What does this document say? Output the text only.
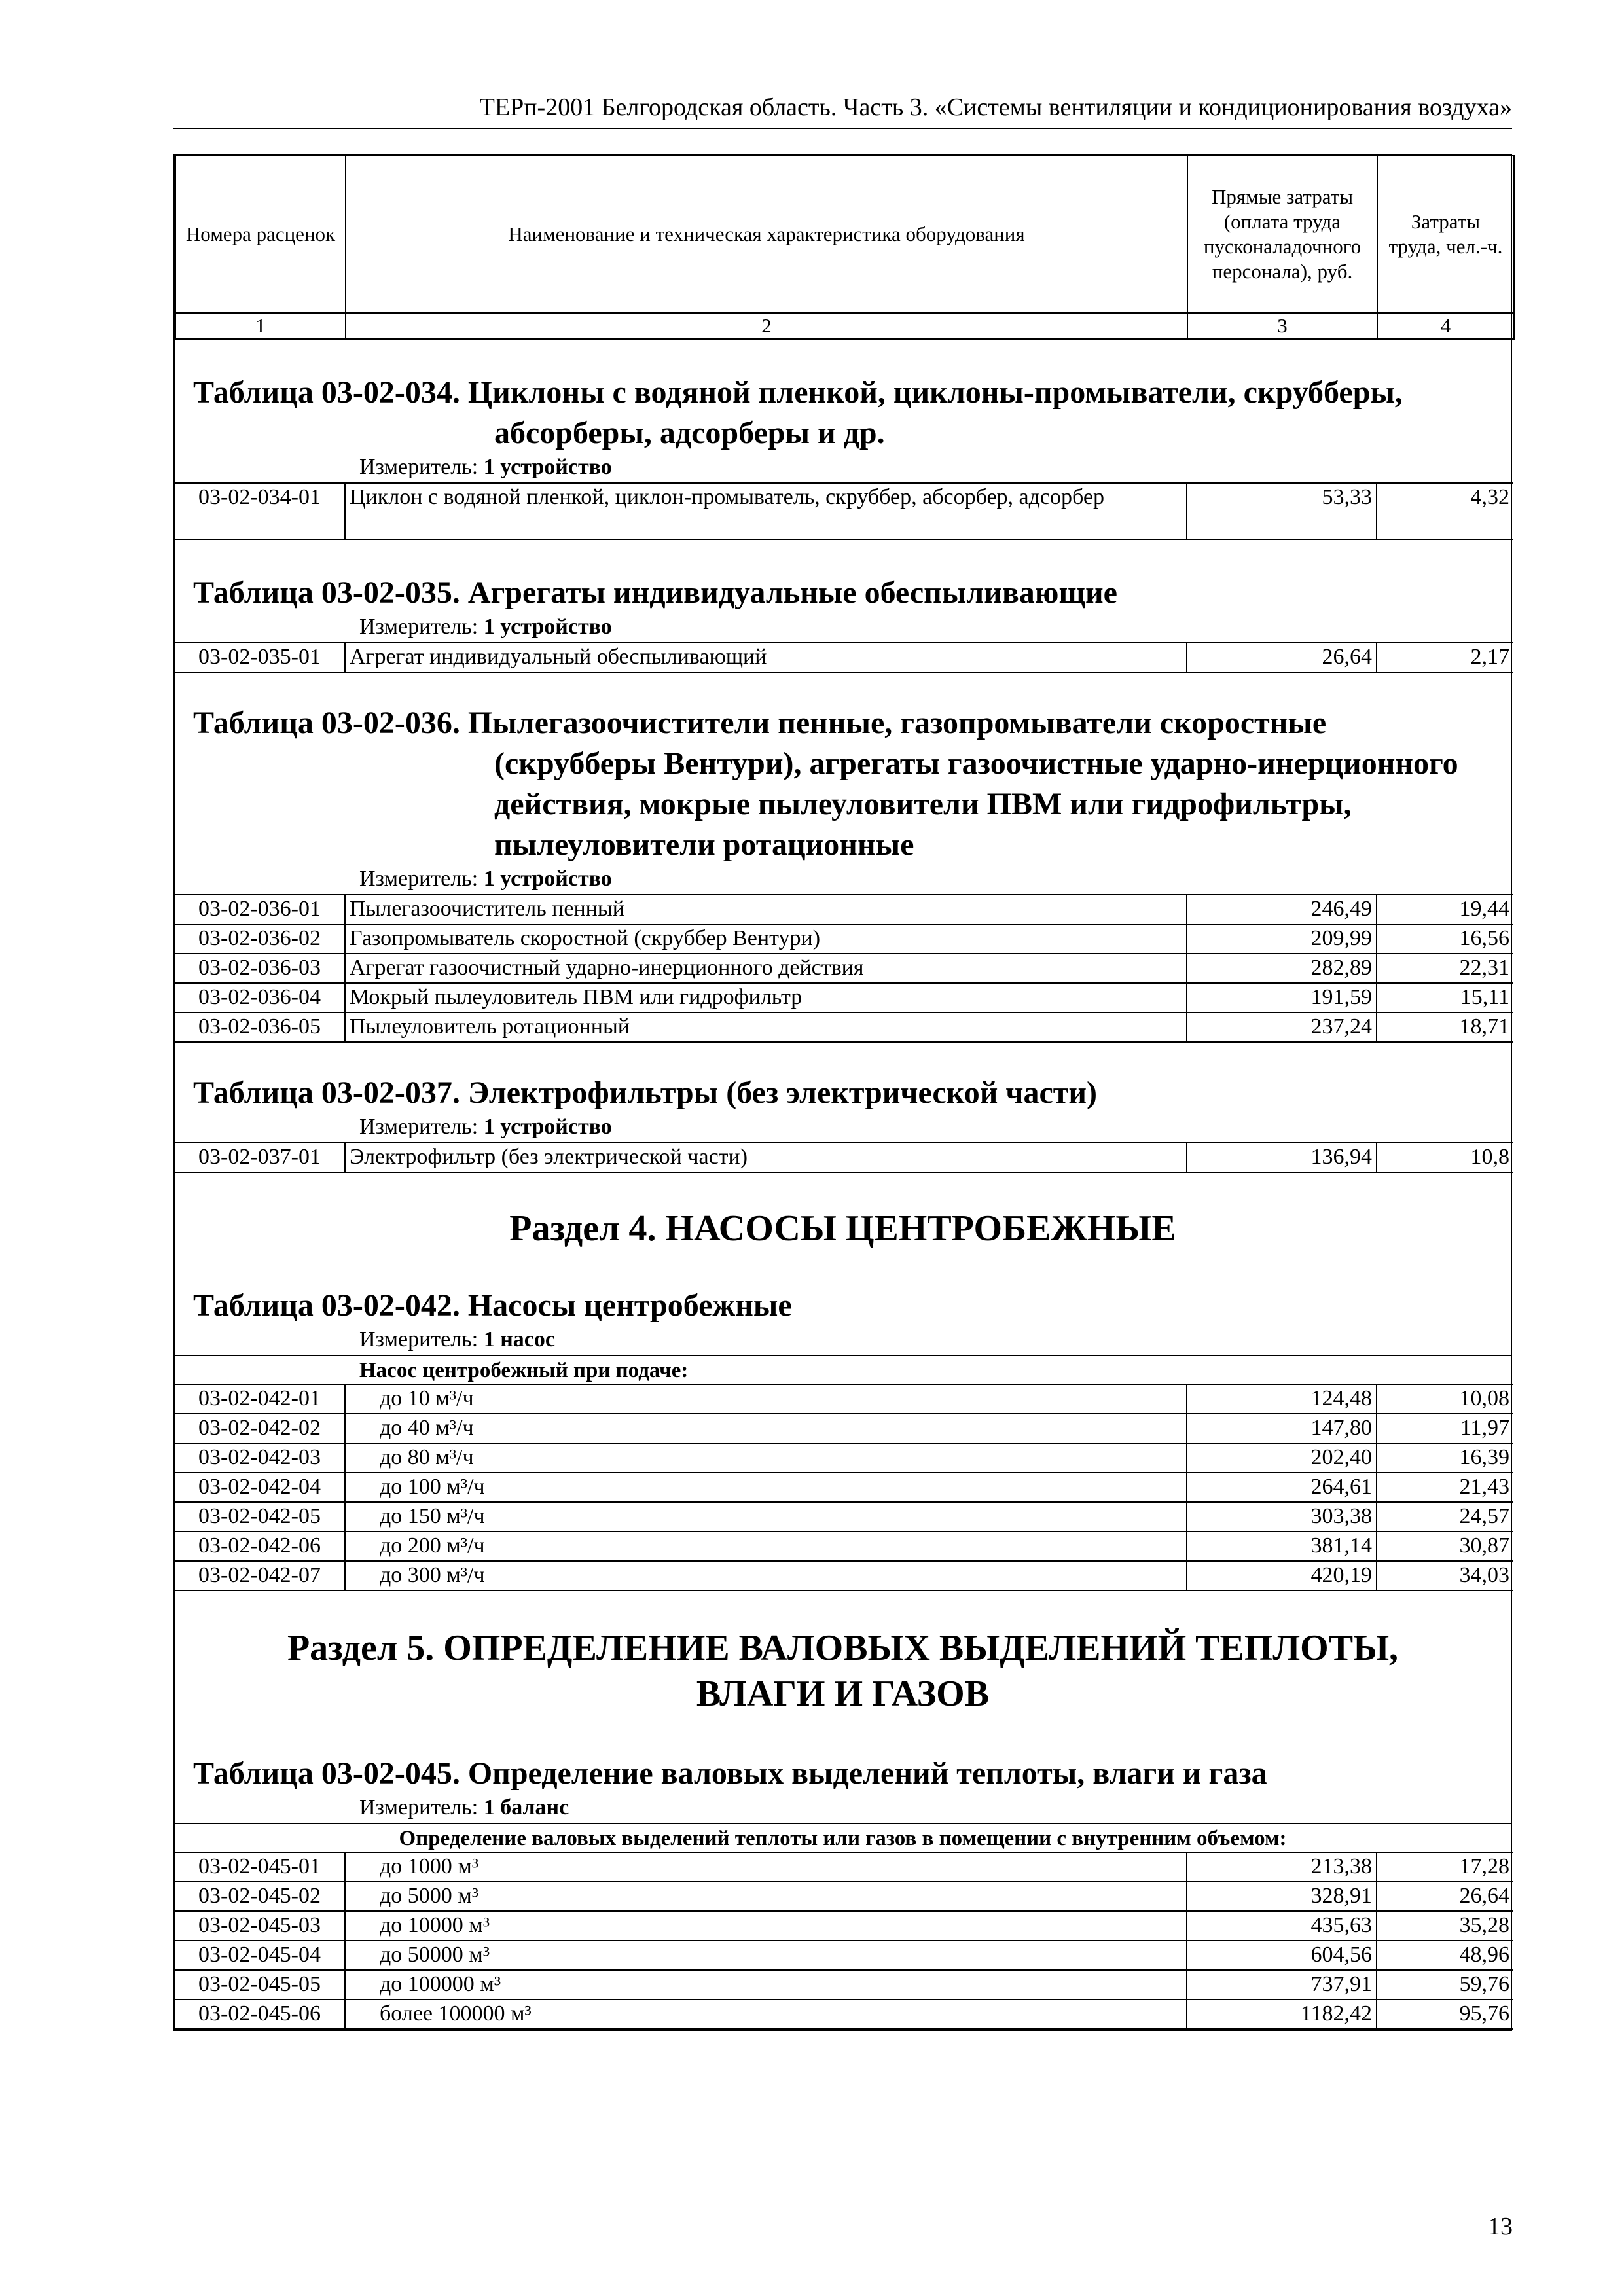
ТЕРп-2001 Белгородская область. Часть 3. «Системы вентиляции и кондиционирования воздуха»
Номера расценок	Наименование и техническая характеристика оборудования	Прямые затраты (оплата труда пусконаладочного персонала), руб.	Затраты труда, чел.-ч.
1	2	3	4
Таблица 03-02-034. Циклоны с водяной пленкой, циклоны-промыватели, скрубберы,
абсорберы, адсорберы и др.
Измеритель: 1 устройство
03-02-034-01	Циклон с водяной пленкой, циклон-промыватель, скруббер, абсорбер, адсорбер	53,33	4,32
Таблица 03-02-035. Агрегаты индивидуальные обеспыливающие
Измеритель: 1 устройство
03-02-035-01	Агрегат индивидуальный обеспыливающий	26,64	2,17
Таблица 03-02-036. Пылегазоочистители пенные, газопромыватели скоростные
(скрубберы Вентури), агрегаты газоочистные ударно-инерционного
действия, мокрые пылеуловители ПВМ или гидрофильтры,
пылеуловители ротационные
Измеритель: 1 устройство
03-02-036-01	Пылегазоочиститель пенный	246,49	19,44
03-02-036-02	Газопромыватель скоростной (скруббер Вентури)	209,99	16,56
03-02-036-03	Агрегат газоочистный ударно-инерционного действия	282,89	22,31
03-02-036-04	Мокрый пылеуловитель ПВМ или гидрофильтр	191,59	15,11
03-02-036-05	Пылеуловитель ротационный	237,24	18,71
Таблица 03-02-037. Электрофильтры (без электрической части)
Измеритель: 1 устройство
03-02-037-01	Электрофильтр (без электрической части)	136,94	10,8
Раздел 4. НАСОСЫ ЦЕНТРОБЕЖНЫЕ
Таблица 03-02-042. Насосы центробежные
Измеритель: 1 насос
Насос центробежный при подаче:
03-02-042-01	до 10 м³/ч	124,48	10,08
03-02-042-02	до 40 м³/ч	147,80	11,97
03-02-042-03	до 80 м³/ч	202,40	16,39
03-02-042-04	до 100 м³/ч	264,61	21,43
03-02-042-05	до 150 м³/ч	303,38	24,57
03-02-042-06	до 200 м³/ч	381,14	30,87
03-02-042-07	до 300 м³/ч	420,19	34,03
Раздел 5. ОПРЕДЕЛЕНИЕ ВАЛОВЫХ ВЫДЕЛЕНИЙ ТЕПЛОТЫ,
ВЛАГИ И ГАЗОВ
Таблица 03-02-045. Определение валовых выделений теплоты, влаги и газа
Измеритель: 1 баланс
Определение валовых выделений теплоты или газов в помещении с внутренним объемом:
03-02-045-01	до 1000 м³	213,38	17,28
03-02-045-02	до 5000 м³	328,91	26,64
03-02-045-03	до 10000 м³	435,63	35,28
03-02-045-04	до 50000 м³	604,56	48,96
03-02-045-05	до 100000 м³	737,91	59,76
03-02-045-06	более 100000 м³	1182,42	95,76
13
